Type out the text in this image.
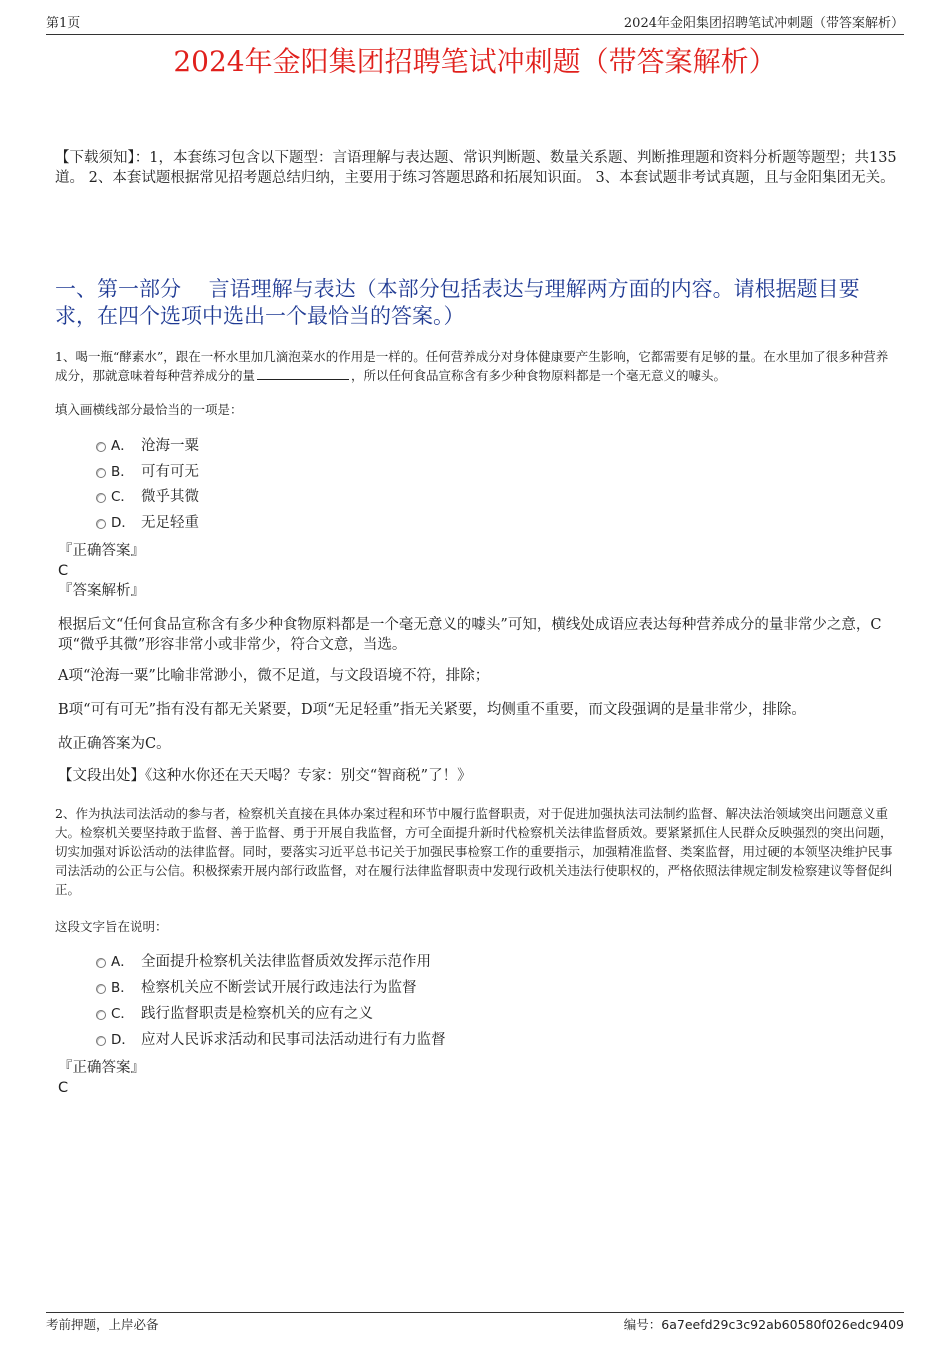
第1页	2024年金阳集团招聘笔试冲刺题（带答案解析）
2024年金阳集团招聘笔试冲刺题（带答案解析）
【下载须知】：1，本套练习包含以下题型：言语理解与表达题、常识判断题、数量关系题、判断推理题和资料分析题等题型；共135道。 2、本套试题根据常见招考题总结归纳，主要用于练习答题思路和拓展知识面。 3、本套试题非考试真题，且与金阳集团无关。
一、第一部分　 言语理解与表达（本部分包括表达与理解两方面的内容。请根据题目要求，在四个选项中选出一个最恰当的答案。）
1、喝一瓶“酵素水”，跟在一杯水里加几滴泡菜水的作用是一样的。任何营养成分对身体健康要产生影响，它都需要有足够的量。在水里加了很多种营养成分，那就意味着每种营养成分的量	，所以任何食品宣称含有多少种食物原料都是一个毫无意义的噱头。
填入画横线部分最恰当的一项是：
A． 沧海一粟
B． 可有可无
C． 微乎其微
D． 无足轻重
『正确答案』
C
『答案解析』
根据后文“任何食品宣称含有多少种食物原料都是一个毫无意义的噱头”可知，横线处成语应表达每种营养成分的量非常少之意，C项“微乎其微”形容非常小或非常少，符合文意，当选。
A项“沧海一粟”比喻非常渺小，微不足道，与文段语境不符，排除；
B项“可有可无”指有没有都无关紧要，D项“无足轻重”指无关紧要，均侧重不重要，而文段强调的是量非常少，排除。
故正确答案为C。
【文段出处】《这种水你还在天天喝？专家：别交“智商税”了！》
2、作为执法司法活动的参与者，检察机关直接在具体办案过程和环节中履行监督职责，对于促进加强执法司法制约监督、解决法治领域突出问题意义重大。检察机关要坚持敢于监督、善于监督、勇于开展自我监督，方可全面提升新时代检察机关法律监督质效。要紧紧抓住人民群众反映强烈的突出问题，切实加强对诉讼活动的法律监督。同时，要落实习近平总书记关于加强民事检察工作的重要指示，加强精准监督、类案监督，用过硬的本领坚决维护民事司法活动的公正与公信。积极探索开展内部行政监督，对在履行法律监督职责中发现行政机关违法行使职权的，严格依照法律规定制发检察建议等督促纠正。
这段文字旨在说明：
A． 全面提升检察机关法律监督质效发挥示范作用
B． 检察机关应不断尝试开展行政违法行为监督
C． 践行监督职责是检察机关的应有之义
D． 应对人民诉求活动和民事司法活动进行有力监督
『正确答案』
C
考前押题，上岸必备	编号：6a7eefd29c3c92ab60580f026edc9409
